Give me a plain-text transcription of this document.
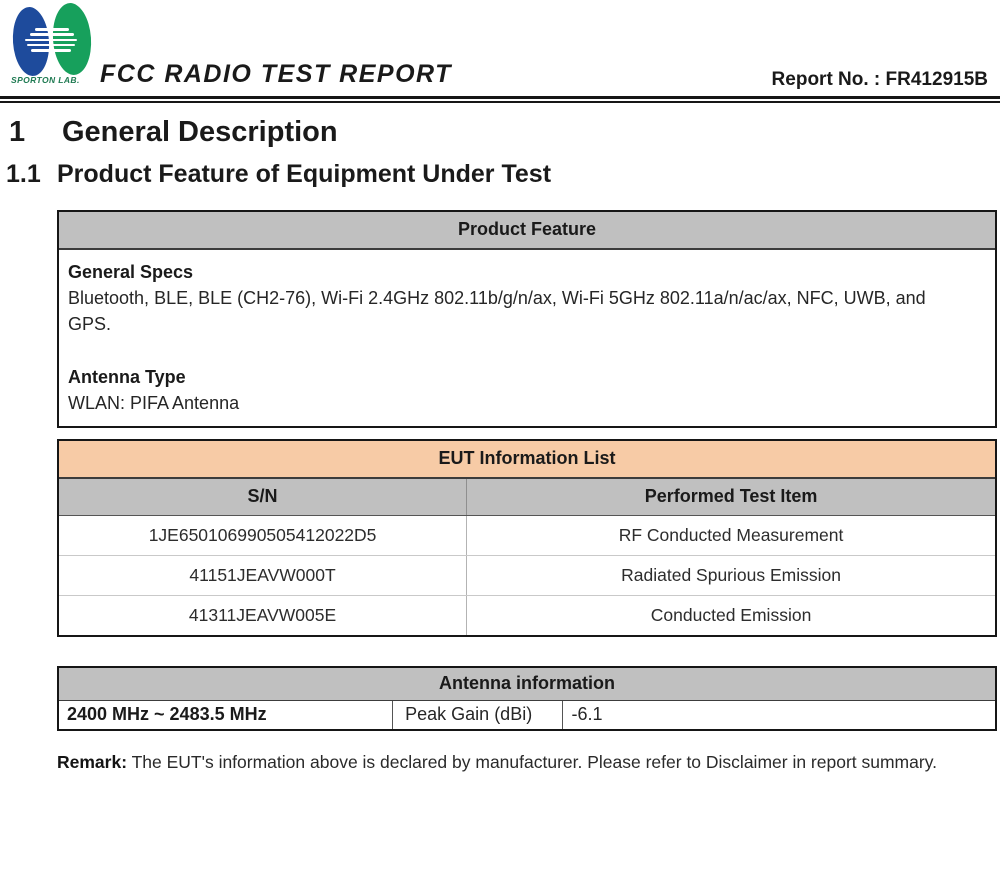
SPORTON LAB. FCC RADIO TEST REPORT	Report No. : FR412915B
1	General Description
1.1 Product Feature of Equipment Under Test
Product Feature
General Specs
Bluetooth, BLE, BLE (CH2-76), Wi-Fi 2.4GHz 802.11b/g/n/ax, Wi-Fi 5GHz 802.11a/n/ac/ax, NFC, UWB, and GPS.
Antenna Type
WLAN: PIFA Antenna
EUT Information List
S/N	Performed Test Item
1JE650106990505412022D5	RF Conducted Measurement
41151JEAVW000T	Radiated Spurious Emission
41311JEAVW005E	Conducted Emission
Antenna information
2400 MHz ~ 2483.5 MHz	Peak Gain (dBi)	-6.1
Remark: The EUT's information above is declared by manufacturer. Please refer to Disclaimer in report summary.
